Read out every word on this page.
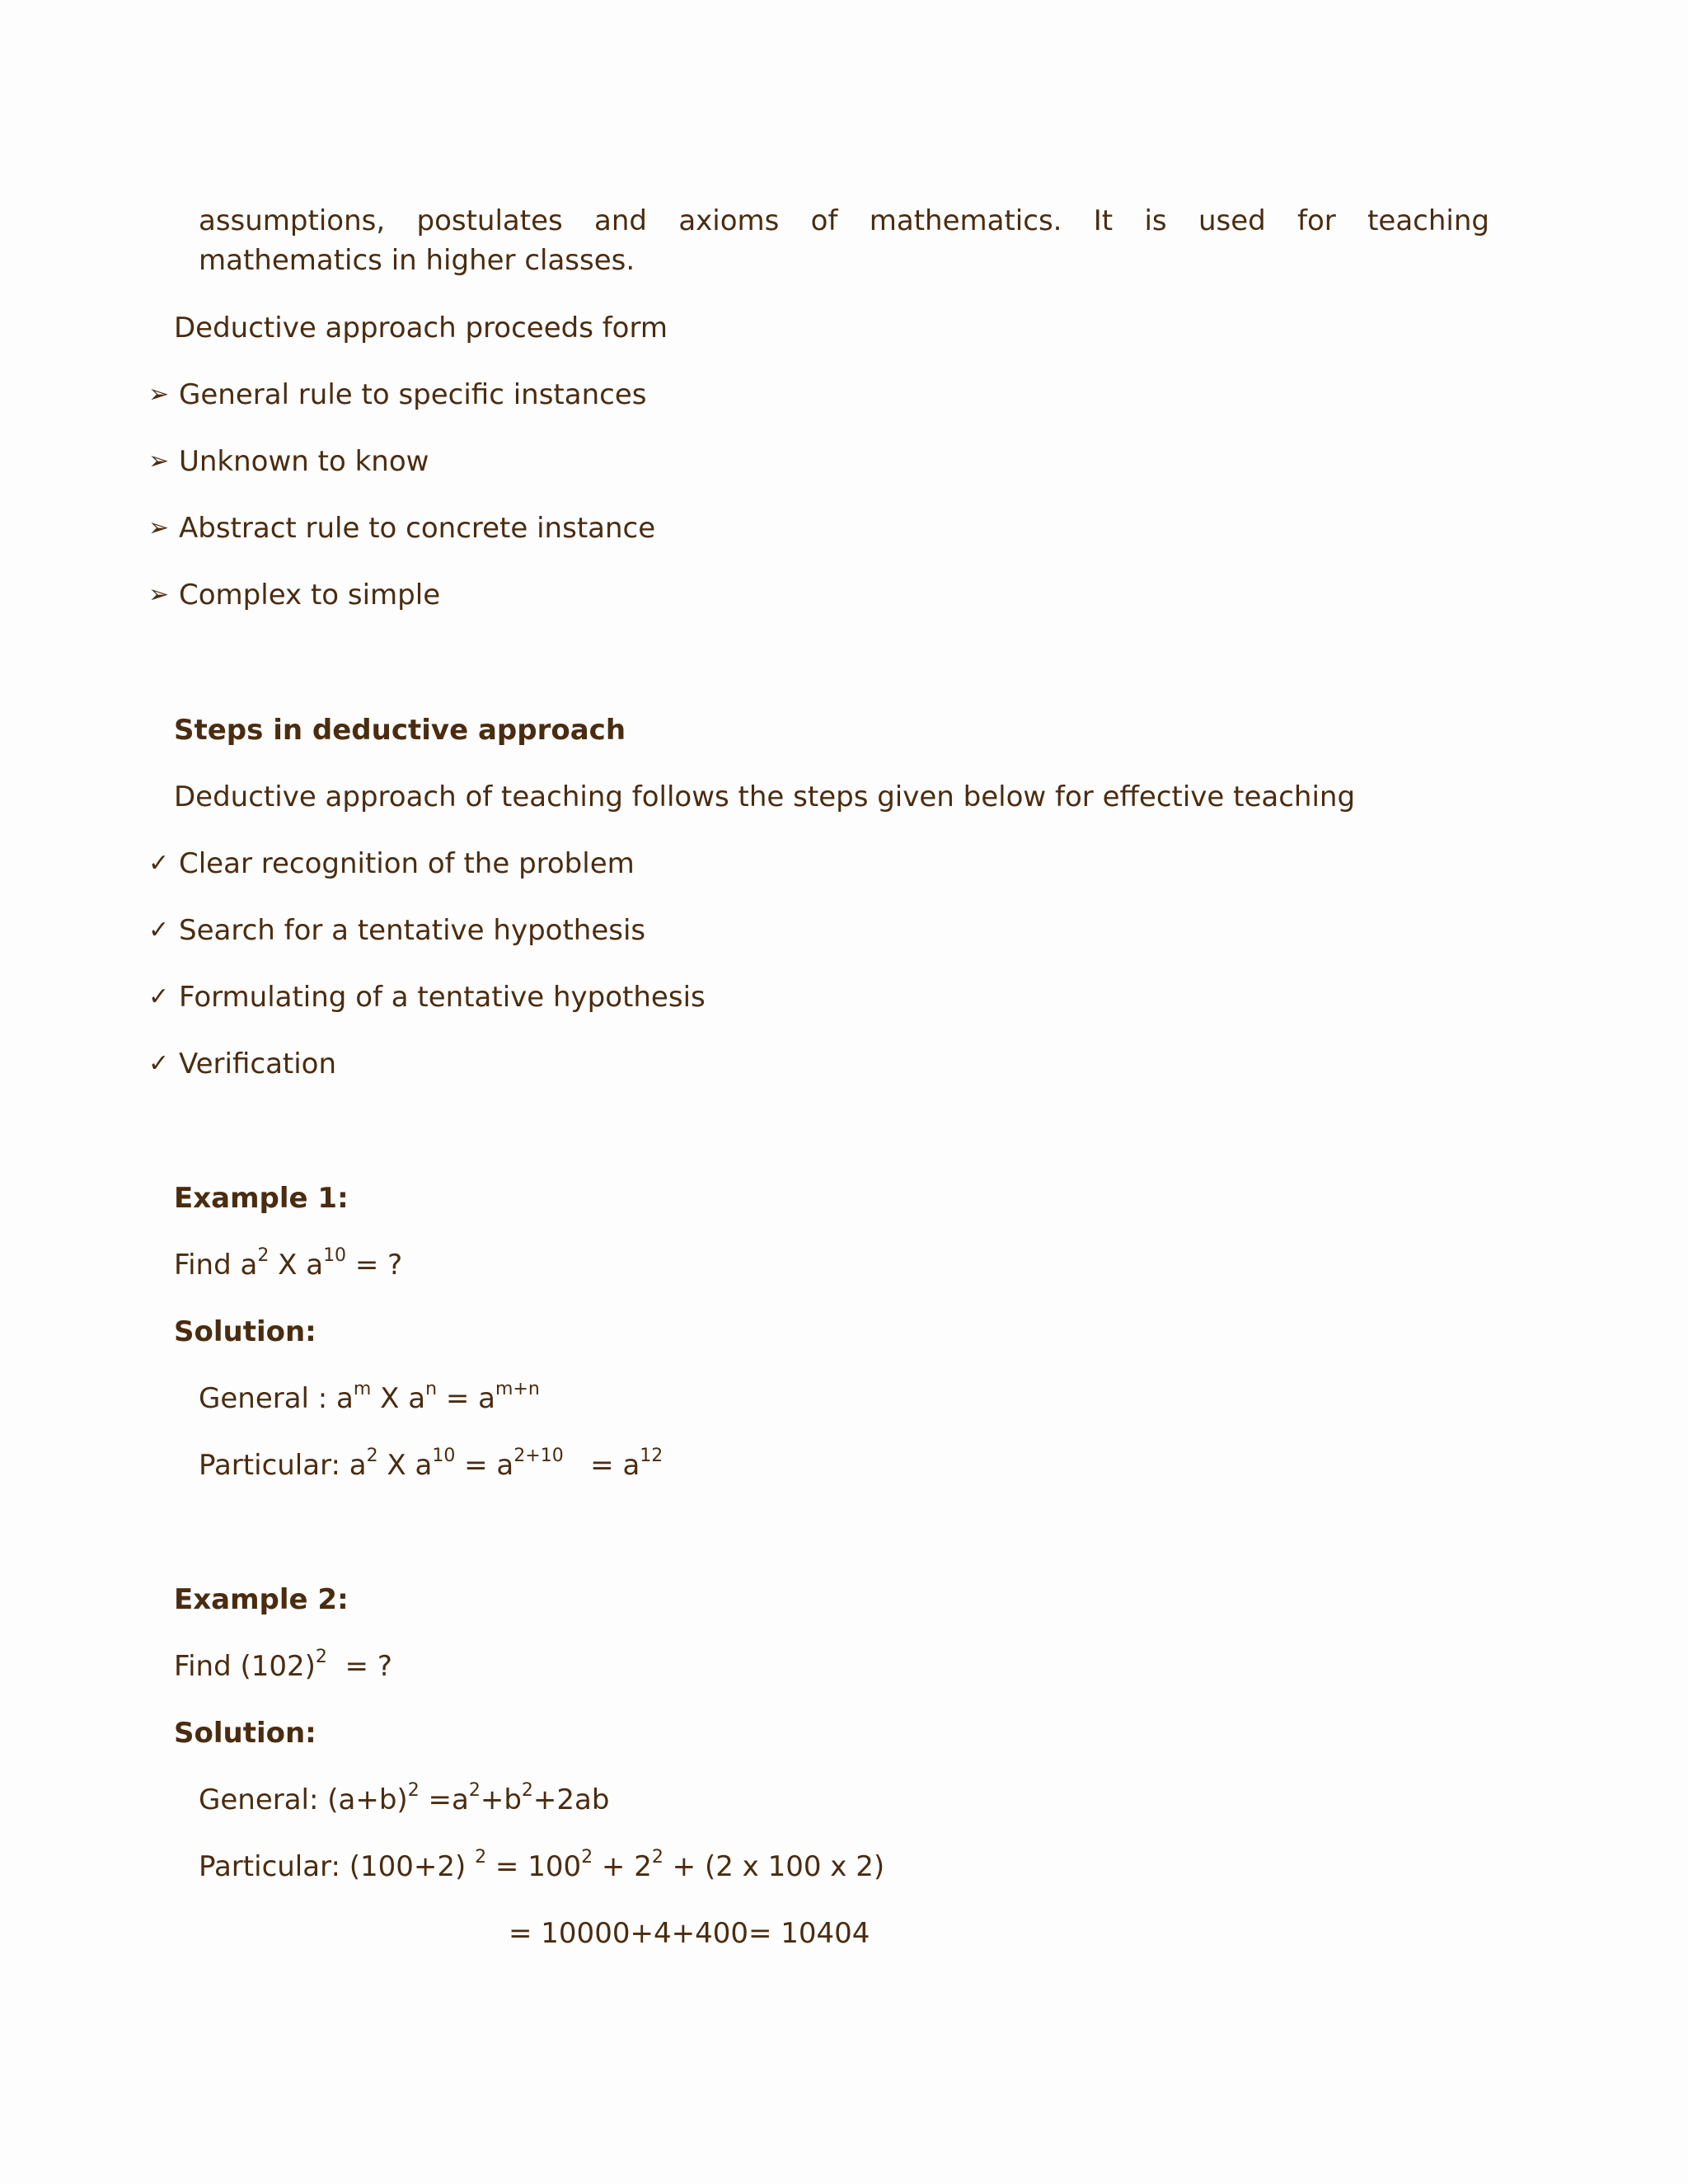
assumptions, postulates and axioms of mathematics. It is used for teaching
mathematics in higher classes.
Deductive approach proceeds form
➢ General rule to specific instances
➢ Unknown to know
➢ Abstract rule to concrete instance
➢ Complex to simple
Steps in deductive approach
Deductive approach of teaching follows the steps given below for effective teaching
✓ Clear recognition of the problem
✓ Search for a tentative hypothesis
✓ Formulating of a tentative hypothesis
✓ Verification
Example 1:
Find $a^2$ X $a^{10}$ = ?
Solution:
General : $a^m$ X $a^n = a^{m+n}$
Particular: $a^2$ X $a^{10} = a^{2+10} = a^{12}$
Example 2:
Find $(102)^2$  = ?
Solution:
General: $(a+b)^2 =a^2+b^2+2ab$
Particular: (100+2) $^2 = 100^2 + 2^2 + (2$ x 100 x 2)
= 10000+4+400= 10404
